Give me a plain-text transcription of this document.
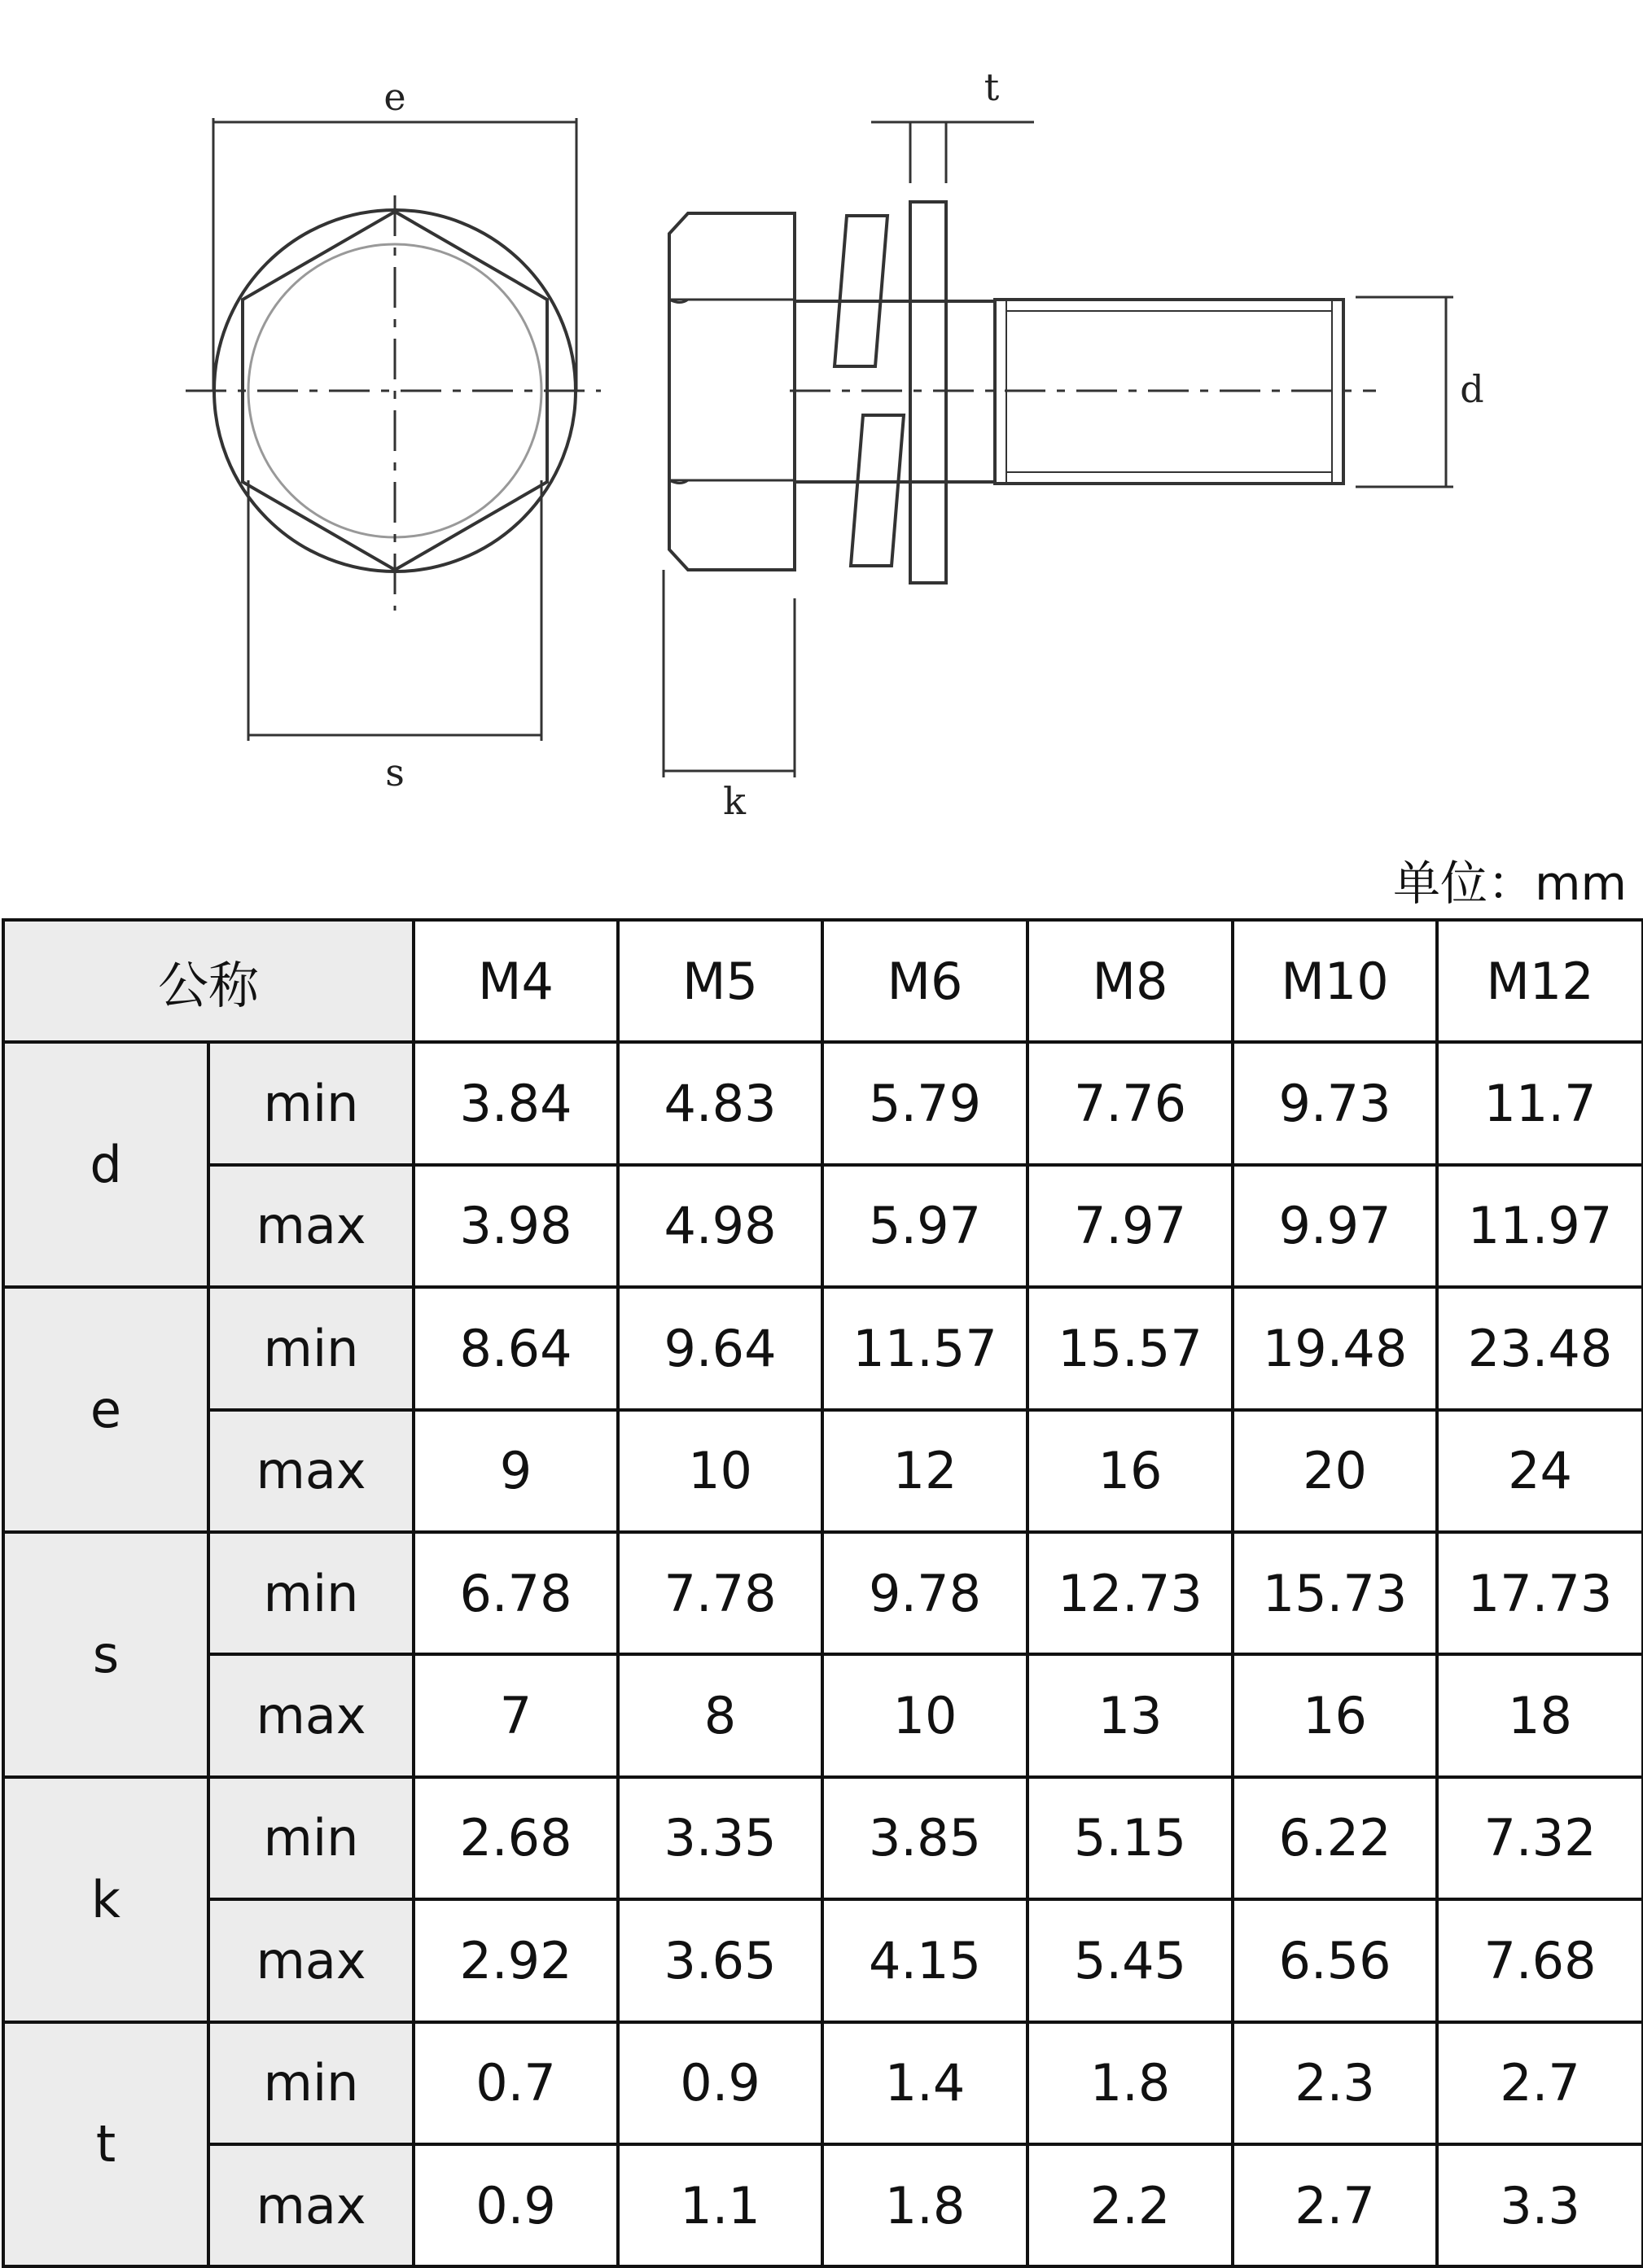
e
s
t
k
d
单位：mm
公称		M4	M5	M6	M8	M10	M12
d	min	3.84	4.83	5.79	7.76	9.73	11.7
	max	3.98	4.98	5.97	7.97	9.97	11.97
e	min	8.64	9.64	11.57	15.57	19.48	23.48
	max	9	10	12	16	20	24
s	min	6.78	7.78	9.78	12.73	15.73	17.73
	max	7	8	10	13	16	18
k	min	2.68	3.35	3.85	5.15	6.22	7.32
	max	2.92	3.65	4.15	5.45	6.56	7.68
t	min	0.7	0.9	1.4	1.8	2.3	2.7
	max	0.9	1.1	1.8	2.2	2.7	3.3
